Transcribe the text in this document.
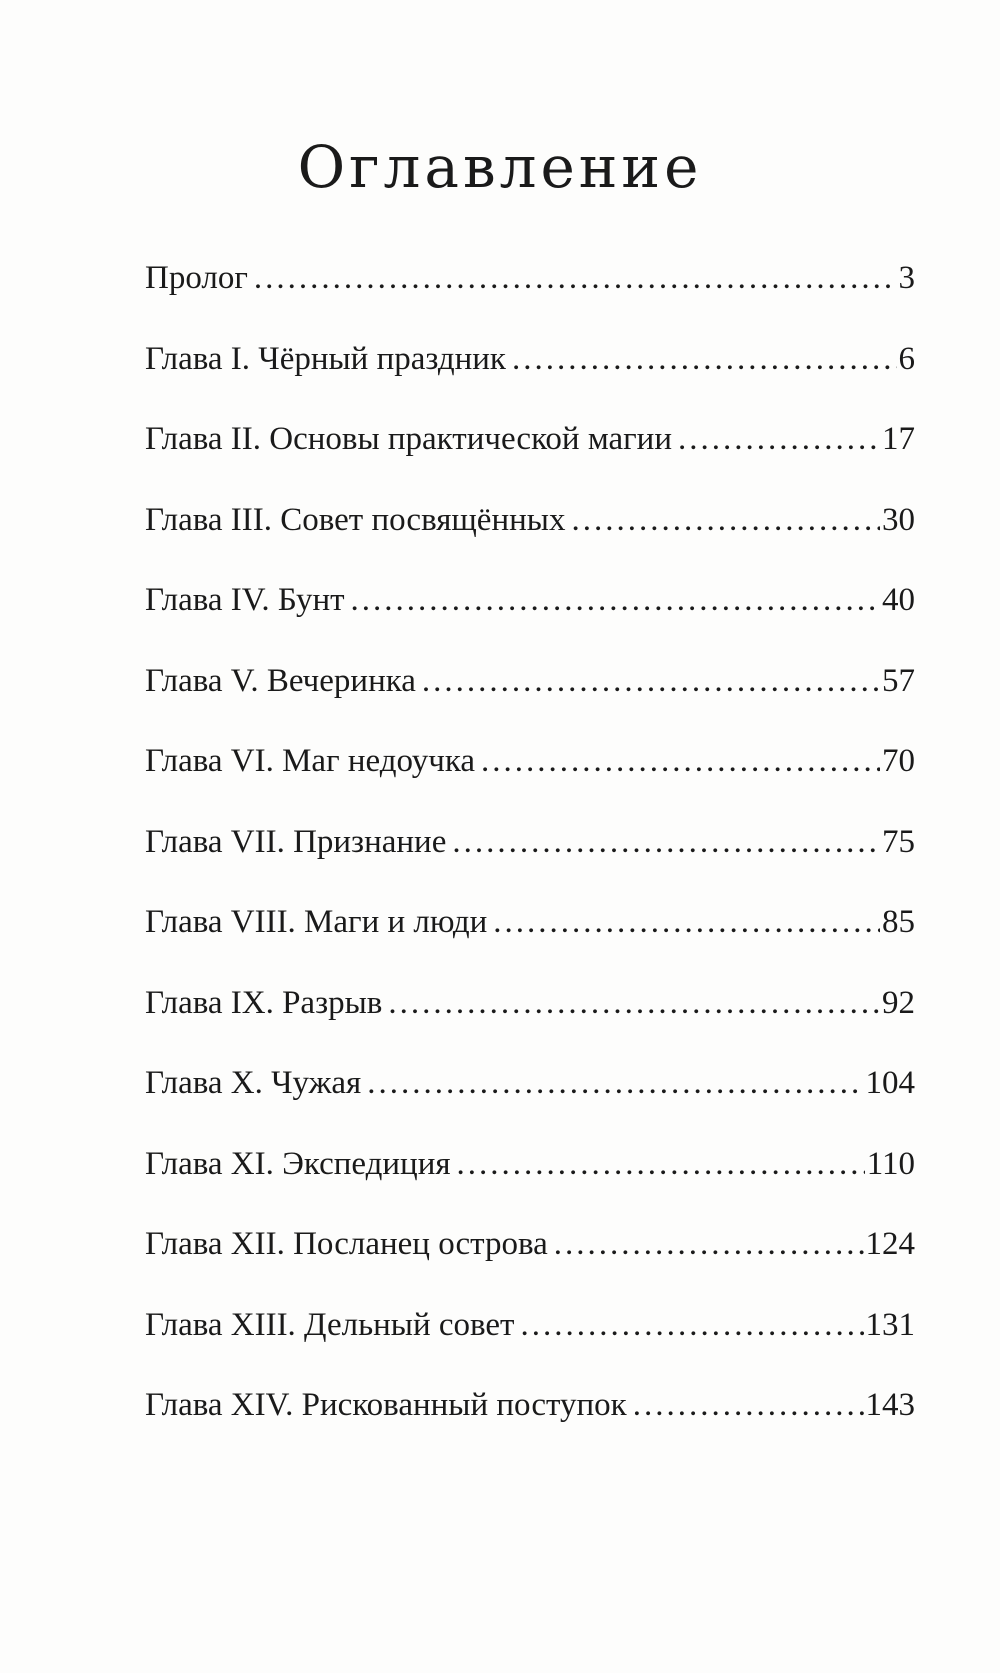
Оглавление
Пролог .....	3
Глава I. Чёрный праздник .....	6
Глава II. Основы практической магии .....	17
Глава III. Совет посвящённых .....	30
Глава IV. Бунт .....	40
Глава V. Вечеринка .....	57
Глава VI. Маг недоучка .....	70
Глава VII. Признание .....	75
Глава VIII. Маги и люди .....	85
Глава IX. Разрыв .....	92
Глава X. Чужая .....	104
Глава XI. Экспедиция .....	110
Глава XII. Посланец острова .....	124
Глава XIII. Дельный совет .....	131
Глава XIV. Рискованный поступок .....	143
